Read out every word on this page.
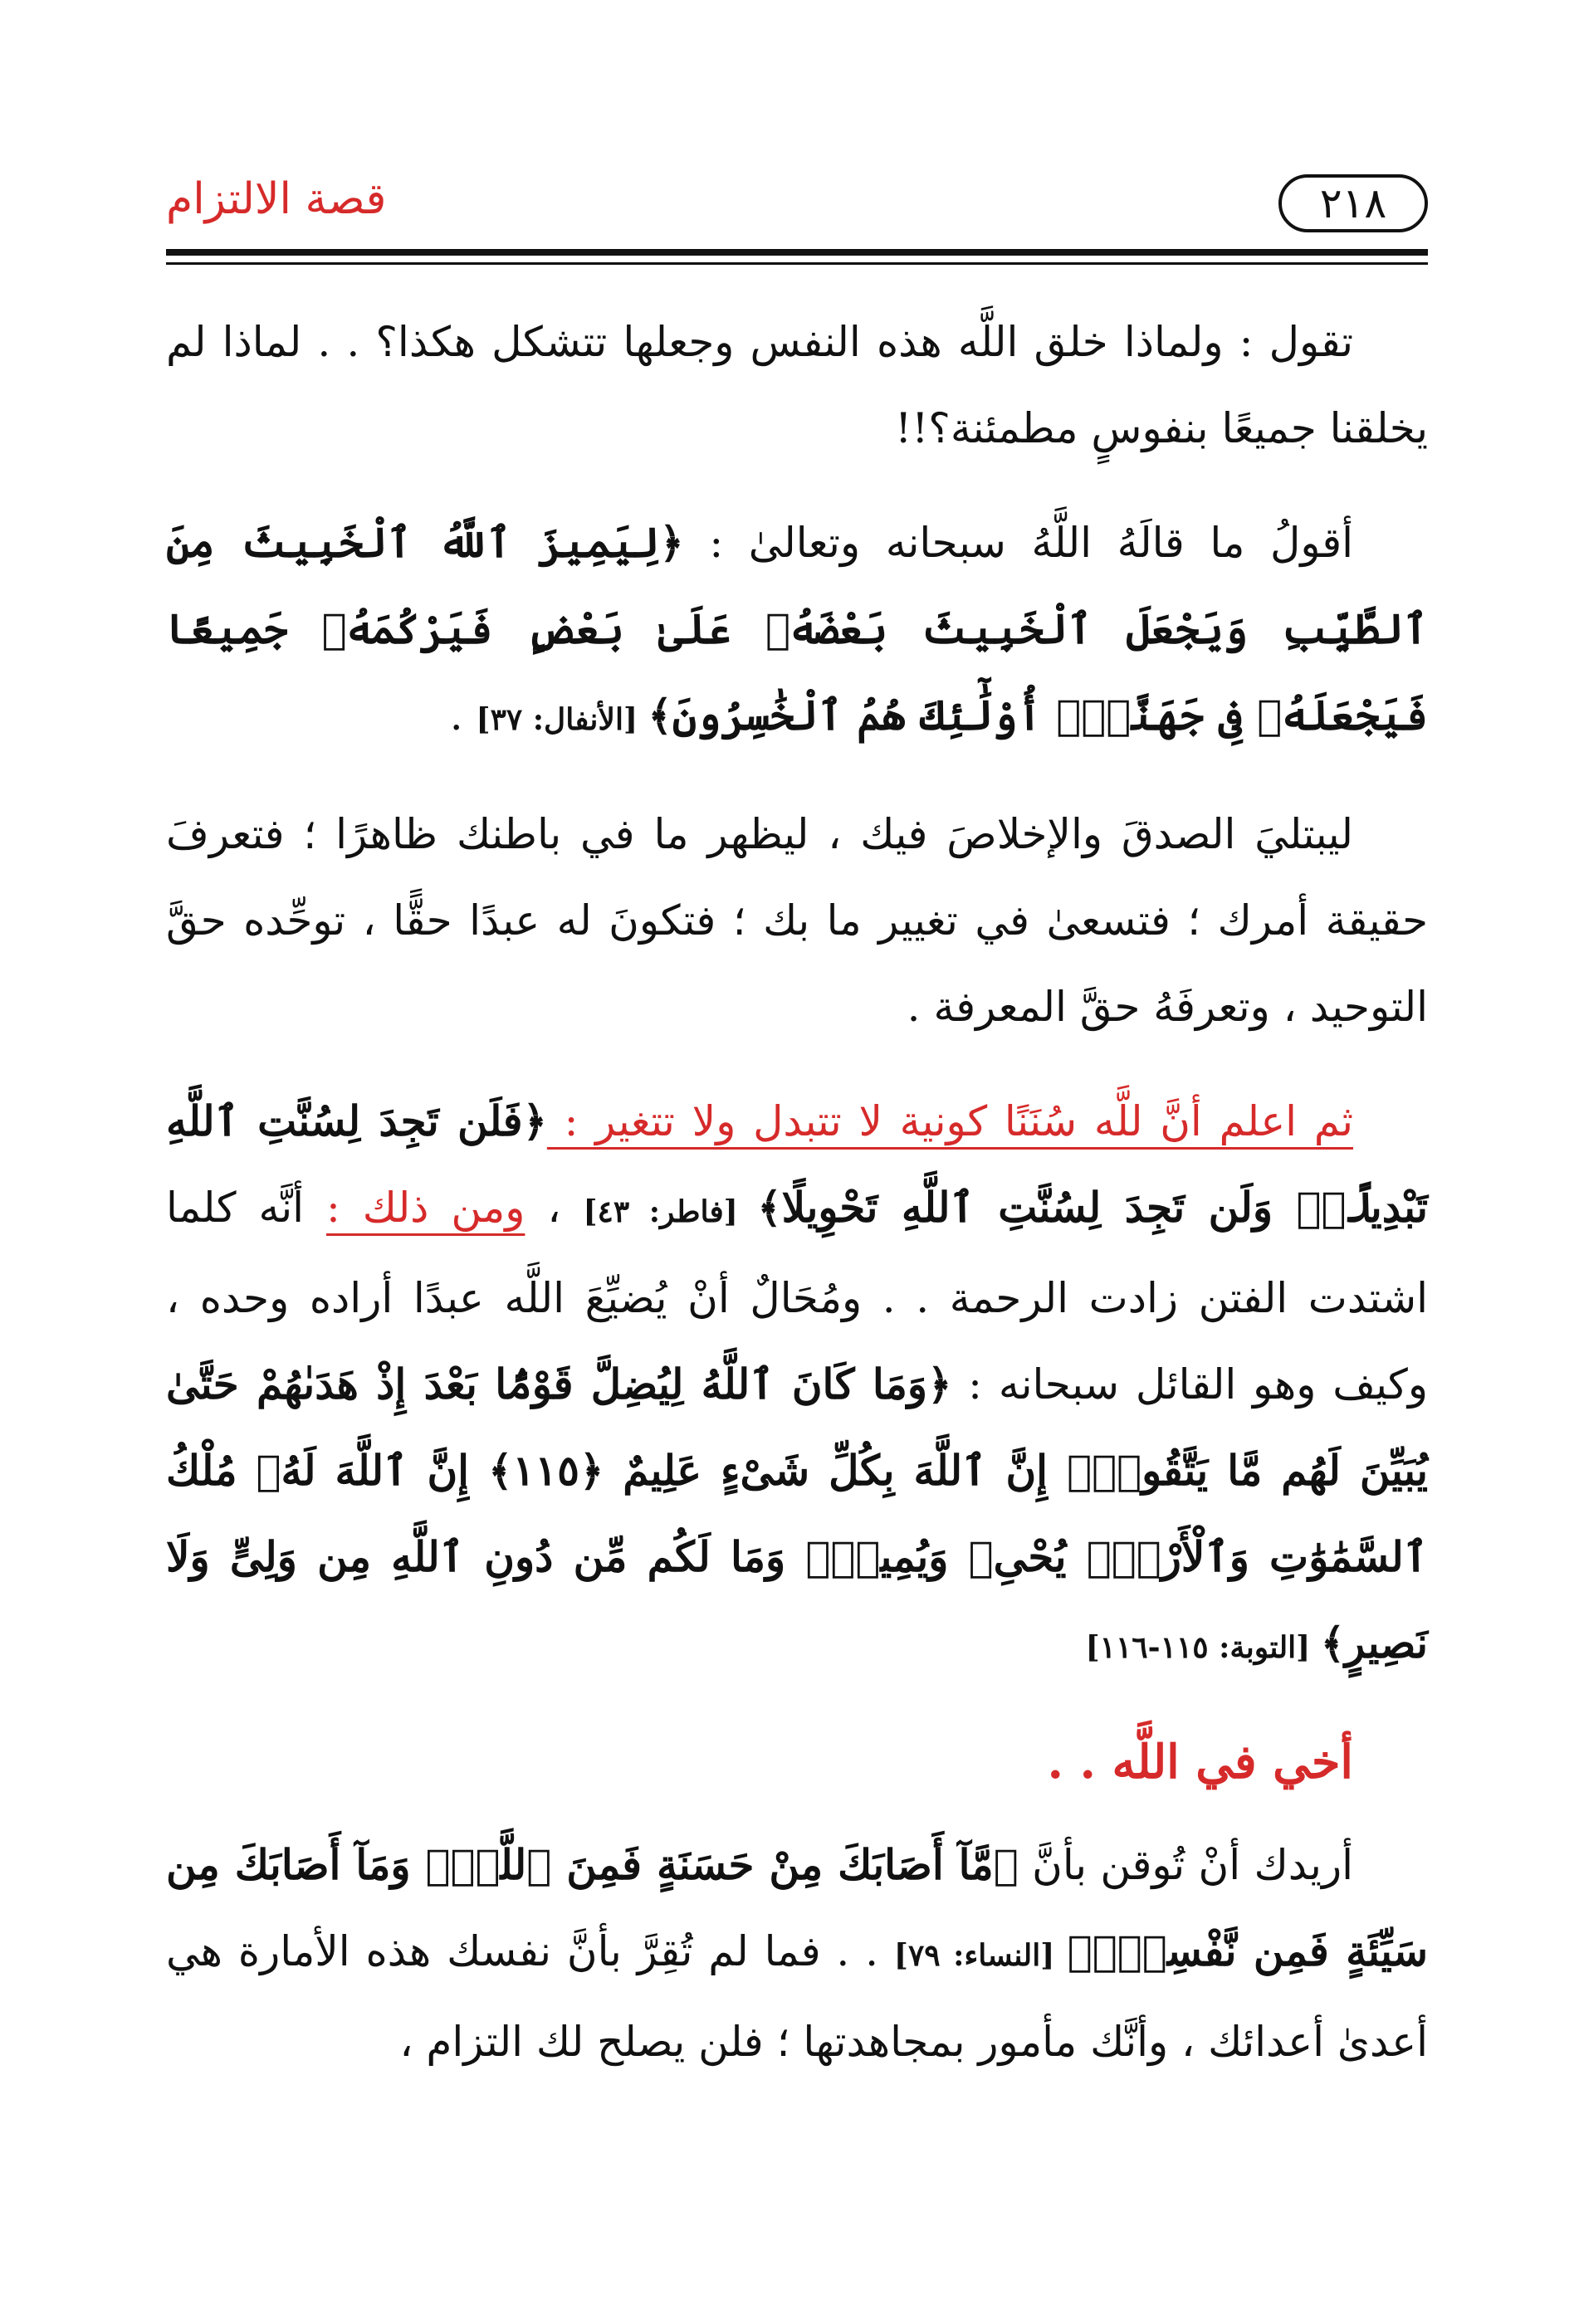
قصة الالتزام	٢١٨

تقول : ولماذا خلق اللَّه هذه النفس وجعلها تتشكل هكذا؟ . . لماذا لم يخلقنا جميعًا بنفوسٍ مطمئنة؟!!

أقولُ ما قالَهُ اللَّهُ سبحانه وتعالىٰ : ﴿لِيَمِيزَ ٱللَّهُ ٱلْخَبِيثَ مِنَ ٱلطَّيِّبِ وَيَجْعَلَ ٱلْخَبِيثَ بَعْضَهُۥ عَلَىٰ بَعْضٍ فَيَرْكُمَهُۥ جَمِيعًا فَيَجْعَلَهُۥ فِى جَهَنَّمَۚ أُوْلَٰٓئِكَ هُمُ ٱلْخَٰسِرُونَ﴾ [الأنفال: ٣٧] .

ليبتليَ الصدقَ والإخلاصَ فيك ، ليظهر ما في باطنك ظاهرًا ؛ فتعرفَ حقيقة أمرك ؛ فتسعىٰ في تغيير ما بك ؛ فتكونَ له عبدًا حقًّا ، توحِّده حقَّ التوحيد ، وتعرفَهُ حقَّ المعرفة .

ثم اعلم أنَّ للَّه سُنَنًا كونية لا تتبدل ولا تتغير : ﴿فَلَن تَجِدَ لِسُنَّتِ ٱللَّهِ تَبْدِيلًاۖ وَلَن تَجِدَ لِسُنَّتِ ٱللَّهِ تَحْوِيلًا﴾ [فاطر: ٤٣] ، ومن ذلك : أنَّه كلما اشتدت الفتن زادت الرحمة . . ومُحَالٌ أنْ يُضيِّعَ اللَّه عبدًا أراده وحده ، وكيف وهو القائل سبحانه : ﴿وَمَا كَانَ ٱللَّهُ لِيُضِلَّ قَوْمًۢا بَعْدَ إِذْ هَدَىٰهُمْ حَتَّىٰ يُبَيِّنَ لَهُم مَّا يَتَّقُونَۚ إِنَّ ٱللَّهَ بِكُلِّ شَىْءٍ عَلِيمٌ ﴿١١٥﴾ إِنَّ ٱللَّهَ لَهُۥ مُلْكُ ٱلسَّمَٰوَٰتِ وَٱلْأَرْضِۖ يُحْىِۦ وَيُمِيتُۚ وَمَا لَكُم مِّن دُونِ ٱللَّهِ مِن وَلِىٍّ وَلَا نَصِيرٍ﴾ [التوبة: ١١٥-١١٦]

أخي في اللَّه . .

أريدك أنْ تُوقن بأنَّ ﴿مَّآ أَصَابَكَ مِنْ حَسَنَةٍ فَمِنَ ٱللَّهِۖ وَمَآ أَصَابَكَ مِن سَيِّئَةٍ فَمِن نَّفْسِكَۚ﴾ [النساء: ٧٩] . . فما لم تُقِرَّ بأنَّ نفسك هذه الأمارة هي أعدىٰ أعدائك ، وأنَّك مأمور بمجاهدتها ؛ فلن يصلح لك التزام ،
